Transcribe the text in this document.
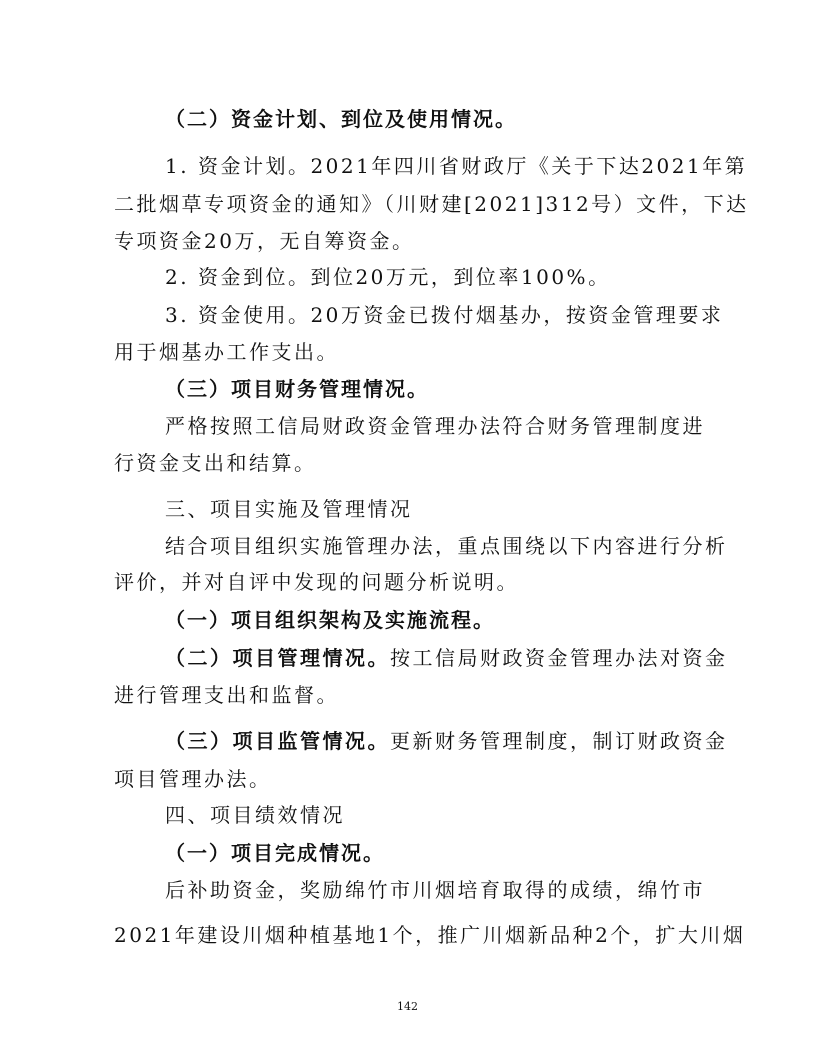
（二）资金计划、到位及使用情况。
1. 资金计划。2021年四川省财政厅《关于下达2021年第
二批烟草专项资金的通知》（川财建[2021]312号）文件，下达
专项资金20万，无自筹资金。
2. 资金到位。到位20万元，到位率100%。
3. 资金使用。20万资金已拨付烟基办，按资金管理要求
用于烟基办工作支出。
（三）项目财务管理情况。
严格按照工信局财政资金管理办法符合财务管理制度进
行资金支出和结算。
三、项目实施及管理情况
结合项目组织实施管理办法，重点围绕以下内容进行分析
评价，并对自评中发现的问题分析说明。
（一）项目组织架构及实施流程。
（二）项目管理情况。按工信局财政资金管理办法对资金
进行管理支出和监督。
（三）项目监管情况。更新财务管理制度，制订财政资金
项目管理办法。
四、项目绩效情况
（一）项目完成情况。
后补助资金，奖励绵竹市川烟培育取得的成绩，绵竹市
2021年建设川烟种植基地1个，推广川烟新品种2个，扩大川烟
142
